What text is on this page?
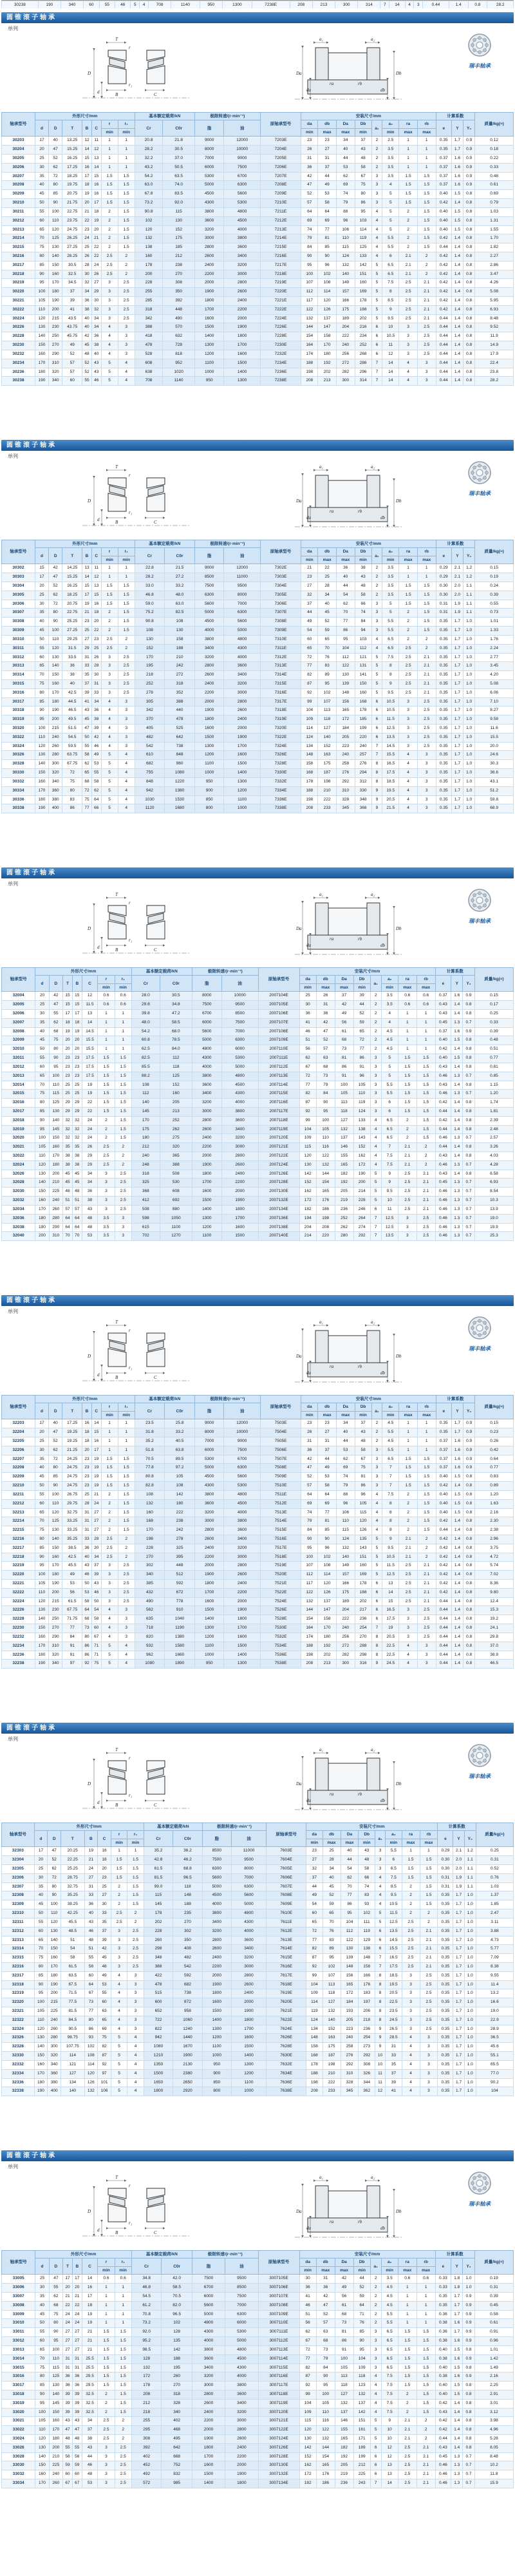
30238	190	340	60	55	46	5	4	708	1140	950	1300	7238E	208	213	300	314	7	14	4	3	0.44	1.4	0.8	28.2
圆锥滚子轴承
单列
T
D
d	B	C
r
r₁
a₁	a₂
Da
da
Db
db
ra	rb
瑞丰轴承
轴承型号	外形尺寸/mm							基本额定载荷/kN		极限转速/(r·min⁻¹)		原轴承型号	安装尺寸/mm								计算系数			质量/kg(≈)
	d	D	T	B	C	r	r₁	Cr	C0r	脂	油		da	db	Da	Db	a₁	a₂	ra	rb	e	Y	Y₀	
						min	min						min	max	max	min		min	max	max				
30203	17	40	13.25	12	11	1	1	20.8	21.8	9000	12000	7203E	23	23	34	37	2	2.5	1	1	0.35	1.7	0.9	0.12
30204	20	47	15.25	14	12	1	1	28.2	30.5	8000	10000	7204E	26	27	40	43	2	3.5	1	1	0.35	1.7	0.9	0.18
30205	25	52	16.25	15	13	1	1	32.2	37.0	7000	9000	7205E	31	31	44	48	2	3.5	1	1	0.37	1.6	0.9	0.22
30206	30	62	17.25	16	14	1	1	43.2	50.5	6000	7500	7206E	36	37	53	58	2	3.5	1	1	0.37	1.6	0.9	0.33
30207	35	72	18.25	17	15	1.5	1.5	54.2	63.5	5300	6700	7207E	42	44	62	67	3	3.5	1.5	1.5	0.37	1.6	0.9	0.48
30208	40	80	19.75	18	16	1.5	1.5	63.0	74.0	5000	6300	7208E	47	49	69	75	3	4	1.5	1.5	0.37	1.6	0.9	0.61
30209	45	85	20.75	19	16	1.5	1.5	67.8	83.5	4500	5600	7209E	52	53	74	80	3	5	1.5	1.5	0.40	1.5	0.8	0.69
30210	50	90	21.75	20	17	1.5	1.5	73.2	92.0	4300	5300	7210E	57	58	79	86	3	5	1.5	1.5	0.42	1.4	0.8	0.79
30211	55	100	22.75	21	18	2	1.5	90.8	115	3800	4800	7211E	64	64	88	95	4	5	2	1.5	0.40	1.5	0.8	1.03
30212	60	110	23.75	22	19	2	1.5	102	130	3600	4500	7212E	69	69	96	103	4	5	2	1.5	0.40	1.5	0.8	1.31
30213	65	120	24.75	23	20	2	1.5	120	152	3200	4000	7213E	74	77	106	114	4	5	2	1.5	0.40	1.5	0.8	1.55
30214	70	125	26.25	24	21	2	1.5	132	175	3000	3800	7214E	79	81	110	119	4	5.5	2	1.5	0.42	1.4	0.8	1.70
30215	75	130	27.25	25	22	2	1.5	138	185	2800	3600	7215E	84	85	115	125	4	5.5	2	1.5	0.44	1.4	0.8	1.82
30216	80	140	28.25	26	22	2.5	2	160	212	2600	3400	7216E	90	90	124	133	4	6	2.1	2	0.42	1.4	0.8	2.27
30217	85	150	30.5	28	24	2.5	2	178	238	2400	3200	7217E	95	96	132	142	5	6.5	2.1	2	0.42	1.4	0.8	2.86
30218	90	160	32.5	30	26	2.5	2	200	270	2200	3000	7218E	100	102	140	151	5	6.5	2.1	2	0.42	1.4	0.8	3.47
30219	95	170	34.5	32	27	3	2.5	228	308	2000	2800	7219E	107	108	149	160	5	7.5	2.5	2.1	0.42	1.4	0.8	4.26
30220	100	180	37	34	29	3	2.5	255	350	1900	2600	7220E	112	114	157	169	5	8	2.5	2.1	0.42	1.4	0.8	5.08
30221	105	190	39	36	30	3	2.5	285	392	1800	2400	7221E	117	120	166	178	5	8.5	2.5	2.1	0.42	1.4	0.8	5.95
30222	110	200	41	38	32	3	2.5	318	448	1700	2200	7222E	122	126	175	188	5	9	2.5	2.1	0.42	1.4	0.8	6.93
30224	120	215	43.5	40	34	3	2.5	342	490	1600	2000	7224E	132	137	189	202	5	9.5	2.5	2.1	0.44	1.4	0.8	8.48
30226	130	230	43.75	40	34	4	3	388	570	1500	1900	7226E	144	147	204	216	6	10	3	2.5	0.44	1.4	0.8	9.52
30228	140	250	45.75	42	36	4	3	418	632	1400	1800	7228E	154	158	222	234	6	10.5	3	2.5	0.44	1.4	0.8	11.9
30230	150	270	49	45	38	4	3	478	728	1300	1700	7230E	164	170	240	252	6	11	3	2.5	0.44	1.4	0.8	14.9
30232	160	290	52	48	40	4	3	528	818	1200	1600	7232E	174	180	256	268	6	12	3	2.5	0.44	1.4	0.8	17.9
30234	170	310	57	52	43	5	4	608	952	1100	1500	7234E	188	192	272	286	7	14	4	3	0.44	1.4	0.8	22.4
30236	180	320	57	52	43	5	4	638	1020	1000	1400	7236E	198	202	282	296	7	14	4	3	0.44	1.4	0.8	23.8
30238	190	340	60	55	46	5	4	708	1140	950	1300	7238E	208	213	300	314	7	14	4	3	0.44	1.4	0.8	28.2
圆锥滚子轴承
单列
T
D
d	B	C
r
r₁
a₁	a₂
Da
da
Db
db
ra	rb
瑞丰轴承
轴承型号	外形尺寸/mm							基本额定载荷/kN		极限转速/(r·min⁻¹)		原轴承型号	安装尺寸/mm								计算系数			质量/kg(≈)
	d	D	T	B	C	r	r₁	Cr	C0r	脂	油		da	db	Da	Db	a₁	a₂	ra	rb	e	Y	Y₀	
						min	min						min	max	max	min		min	max	max				
30302	15	42	14.25	13	11	1	1	22.8	21.5	9000	12000	7302E	21	22	36	38	2	3.5	1	1	0.29	2.1	1.2	0.15
30303	17	47	15.25	14	12	1	1	28.2	27.2	8500	11000	7303E	23	25	40	43	2	3.5	1	1	0.29	2.1	1.2	0.19
30304	20	52	16.25	15	13	1.5	1.5	33.0	33.2	7500	9500	7304E	27	28	44	48	2	3.5	1.5	1.5	0.30	2.0	1.1	0.24
30305	25	62	18.25	17	15	1.5	1.5	46.8	48.0	6300	8000	7305E	32	34	54	58	2	3.5	1.5	1.5	0.30	2.0	1.1	0.39
30306	30	72	20.75	19	16	1.5	1.5	59.0	63.0	5600	7000	7306E	37	40	62	66	3	5	1.5	1.5	0.31	1.9	1.1	0.55
30307	35	80	22.75	21	18	2	1.5	75.2	82.5	5000	6300	7307E	44	45	70	74	3	5	2	1.5	0.31	1.9	1.1	0.73
30308	40	90	25.25	23	20	2	1.5	90.8	108	4500	5600	7308E	49	52	77	84	3	5.5	2	1.5	0.35	1.7	1.0	1.01
30309	45	100	27.25	25	22	2	1.5	108	130	4000	5000	7309E	54	59	86	94	3	5.5	2	1.5	0.35	1.7	1.0	1.33
30310	50	110	29.25	27	23	2.5	2	130	158	3800	4800	7310E	60	65	95	103	4	6.5	2	2	0.35	1.7	1.0	1.76
30311	55	120	31.5	29	25	2.5	2	152	188	3400	4300	7311E	65	70	104	112	4	6.5	2.5	2	0.35	1.7	1.0	2.24
30312	60	130	33.5	31	26	3	2.5	170	210	3200	4000	7312E	72	76	112	121	5	7.5	2.5	2.1	0.35	1.7	1.0	2.77
30313	65	140	36	33	28	3	2.5	195	242	2800	3600	7313E	77	83	122	131	5	8	2.5	2.1	0.35	1.7	1.0	3.45
30314	70	150	38	35	30	3	2.5	218	272	2600	3400	7314E	82	89	130	141	5	8	2.5	2.1	0.35	1.7	1.0	4.20
30315	75	160	40	37	31	3	2.5	252	318	2400	3200	7315E	87	95	139	150	5	9	2.5	2.1	0.35	1.7	1.0	5.08
30316	80	170	42.5	39	33	3	2.5	278	352	2200	3000	7316E	92	102	148	160	5	9.5	2.5	2.1	0.35	1.7	1.0	6.06
30317	85	180	44.5	41	34	4	3	305	388	2000	2800	7317E	99	107	156	168	6	10.5	3	2.5	0.35	1.7	1.0	7.10
30318	90	190	46.5	43	36	4	3	342	440	1900	2600	7318E	104	113	165	178	6	10.5	3	2.5	0.35	1.7	1.0	8.27
30319	95	200	49.5	45	38	4	3	370	478	1800	2400	7319E	109	118	172	185	6	11.5	3	2.5	0.35	1.7	1.0	9.58
30320	100	215	51.5	47	39	4	3	405	525	1600	2000	7320E	114	127	184	199	6	12.5	3	2.5	0.35	1.7	1.0	11.6
30322	110	240	54.5	50	42	4	3	482	642	1500	1900	7322E	124	140	205	220	6	13.5	3	2.5	0.35	1.7	1.0	15.5
30324	120	260	59.5	55	46	4	3	542	738	1300	1700	7324E	134	152	223	240	7	14.5	3	2.5	0.35	1.7	1.0	20.0
30326	130	280	63.75	58	49	5	4	610	848	1200	1600	7326E	148	163	240	257	7	15.5	4	3	0.35	1.7	1.0	24.6
30328	140	300	67.75	62	53	5	4	682	960	1100	1500	7328E	158	175	258	276	8	16.5	4	3	0.35	1.7	1.0	30.3
30330	150	320	72	65	55	5	4	755	1080	1000	1400	7330E	168	187	276	294	8	17.5	4	3	0.35	1.7	1.0	36.6
30332	160	340	75	68	58	5	4	848	1220	950	1300	7332E	178	198	292	312	8	18.5	4	3	0.35	1.7	1.0	43.1
30334	170	360	80	72	62	5	4	942	1380	900	1200	7334E	188	210	310	330	9	19.5	4	3	0.35	1.7	1.0	51.2
30336	180	380	83	75	64	5	4	1030	1530	850	1100	7336E	198	222	328	348	9	20.5	4	3	0.35	1.7	1.0	59.8
30338	190	400	86	77	66	5	4	1120	1680	800	1000	7338E	208	233	345	366	9	21.5	4	3	0.35	1.7	1.0	68.9
圆锥滚子轴承
单列
T
D
d	B	C
r
r₁
a₁	a₂
Da
da
Db
db
ra	rb
瑞丰轴承
轴承型号	外形尺寸/mm							基本额定载荷/kN		极限转速/(r·min⁻¹)		原轴承型号	安装尺寸/mm								计算系数			质量/kg(≈)
	d	D	T	B	C	r	r₁	Cr	C0r	脂	油		da	db	Da	Db	a₁	a₂	ra	rb	e	Y	Y₀	
						min	min						min	max	max	min		min	max	max				
32004	20	42	15	15	12	0.6	0.6	28.0	30.5	8000	10000	2007104E	25	26	37	39	2	3.5	0.6	0.6	0.37	1.6	0.9	0.15
32005	25	47	15	15	11.5	0.6	0.6	29.8	34.8	7500	9500	2007105E	30	31	42	44	2	3.5	0.6	0.6	0.43	1.4	0.8	0.17
32006	30	55	17	17	13	1	1	39.8	47.2	6700	8500	2007106E	36	36	49	52	2	4	1	1	0.43	1.4	0.8	0.25
32007	35	62	18	18	14	1	1	48.0	58.5	6000	7500	2007107E	41	42	56	59	2	4	1	1	0.45	1.3	0.7	0.33
32008	40	68	19	19	14.5	1	1	54.2	68.0	5600	7000	2007108E	46	47	61	65	2	4.5	1	1	0.37	1.6	0.9	0.39
32009	45	75	20	20	15.5	1	1	60.8	78.5	5000	6300	2007109E	51	52	68	72	2	4.5	1	1	0.40	1.5	0.8	0.48
32010	50	80	20	20	15.5	1	1	62.5	84.0	4800	6000	2007110E	56	57	73	77	2	4.5	1	1	0.42	1.4	0.8	0.51
32011	55	90	23	23	17.5	1.5	1.5	82.5	112	4300	5300	2007111E	62	63	81	86	3	5	1.5	1.5	0.40	1.5	0.8	0.77
32012	60	95	23	23	17.5	1.5	1.5	85.5	118	4000	5000	2007112E	67	68	86	91	3	5	1.5	1.5	0.43	1.4	0.8	0.81
32013	65	100	23	23	17.5	1.5	1.5	88.2	125	3800	4800	2007113E	72	73	91	96	3	5	1.5	1.5	0.46	1.3	0.7	0.85
32014	70	110	25	25	19	1.5	1.5	108	152	3600	4500	2007114E	77	79	100	105	3	5.5	1.5	1.5	0.43	1.4	0.8	1.15
32015	75	115	25	25	19	1.5	1.5	112	160	3400	4300	2007115E	82	84	105	110	3	5.5	1.5	1.5	0.46	1.3	0.7	1.20
32016	80	125	29	29	22	1.5	1.5	140	205	3200	4000	2007116E	87	90	113	119	3	6	1.5	1.5	0.42	1.4	0.8	1.74
32017	85	130	29	29	22	1.5	1.5	145	213	3000	3800	2007117E	92	95	118	124	3	6	1.5	1.5	0.44	1.4	0.8	1.81
32018	90	140	32	32	24	2	1.5	170	252	2800	3600	2007118E	99	100	127	133	4	6.5	2	1.5	0.42	1.4	0.8	2.39
32019	95	145	32	32	24	2	1.5	175	262	2600	3400	2007119E	104	105	132	138	4	6.5	2	1.5	0.44	1.4	0.8	2.48
32020	100	150	32	32	24	2	1.5	180	275	2400	3200	2007120E	109	110	137	143	4	6.5	2	1.5	0.46	1.3	0.7	2.57
32021	105	160	35	35	26	2.5	2	212	320	2200	3000	2007121E	115	116	146	152	4	7	2.1	2	0.44	1.4	0.8	3.26
32022	110	170	38	38	29	2.5	2	240	365	2000	2800	2007122E	120	122	155	162	4	7.5	2.1	2	0.43	1.4	0.8	4.03
32024	120	180	38	38	29	2.5	2	248	388	1900	2600	2007124E	130	132	165	172	4	7.5	2.1	2	0.46	1.3	0.7	4.28
32026	130	200	45	45	34	3	2.5	318	508	1800	2400	2007126E	142	144	182	190	5	9	2.5	2.1	0.43	1.4	0.8	6.58
32028	140	210	45	45	34	3	2.5	325	530	1700	2200	2007128E	152	154	192	200	5	9	2.5	2.1	0.45	1.3	0.7	6.93
32030	150	225	48	48	36	3	2.5	368	608	1600	2000	2007130E	162	165	205	214	5	9.5	2.5	2.1	0.46	1.3	0.7	8.54
32032	160	240	51	51	38	3	2.5	412	692	1500	1900	2007132E	172	176	219	228	5	10	2.5	2.1	0.46	1.3	0.7	10.3
32034	170	260	57	57	43	3	2.5	508	880	1400	1800	2007134E	182	186	236	246	6	11	2.5	2.1	0.46	1.3	0.7	13.9
32036	180	280	64	64	48	3.5	3	598	1050	1300	1700	2007136E	194	198	252	264	7	12.5	3	2.5	0.46	1.3	0.7	19.0
32038	190	290	64	64	48	3.5	3	615	1100	1200	1600	2007138E	204	208	262	274	7	12.5	3	2.5	0.46	1.3	0.7	19.9
32040	200	310	70	70	53	3.5	3	702	1270	1100	1500	2007140E	214	220	280	292	7	13.5	3	2.5	0.46	1.3	0.7	25.3
圆锥滚子轴承
单列
T
D
d	B	C
r
r₁
a₁	a₂
Da
da
Db
db
ra	rb
瑞丰轴承
轴承型号	外形尺寸/mm							基本额定载荷/kN		极限转速/(r·min⁻¹)		原轴承型号	安装尺寸/mm								计算系数			质量/kg(≈)
	d	D	T	B	C	r	r₁	Cr	C0r	脂	油		da	db	Da	Db	a₁	a₂	ra	rb	e	Y	Y₀	
						min	min						min	max	max	min		min	max	max				
32203	17	40	17.25	16	14	1	1	23.5	25.8	9000	12000	7503E	23	23	34	37	2	4.5	1	1	0.35	1.7	0.9	0.15
32204	20	47	19.25	18	15	1	1	31.8	33.2	8000	10000	7504E	26	27	40	43	2	5.5	1	1	0.35	1.7	0.9	0.23
32205	25	52	19.25	18	16	1	1	35.2	40.5	7000	9000	7505E	31	31	44	48	2	4.5	1	1	0.37	1.6	0.9	0.26
32206	30	62	21.25	20	17	1	1	51.8	63.8	6000	7500	7506E	36	37	53	58	3	5.5	1	1	0.37	1.6	0.9	0.42
32207	35	72	24.25	23	19	1.5	1.5	70.5	89.5	5300	6700	7507E	42	44	62	67	3	6.5	1.5	1.5	0.37	1.6	0.9	0.64
32208	40	80	24.75	23	19	1.5	1.5	77.8	97.2	5000	6300	7508E	47	49	69	75	3	7	1.5	1.5	0.37	1.6	0.9	0.77
32209	45	85	24.75	23	19	1.5	1.5	80.8	105	4500	5600	7509E	52	53	74	81	3	7	1.5	1.5	0.40	1.5	0.8	0.83
32210	50	90	24.75	23	19	1.5	1.5	82.8	108	4300	5300	7510E	57	58	79	86	3	7	1.5	1.5	0.42	1.4	0.8	0.89
32211	55	100	26.75	25	21	2	1.5	108	142	3800	4800	7511E	64	64	88	96	4	7.5	2	1.5	0.40	1.5	0.8	1.20
32212	60	110	29.75	28	24	2	1.5	132	180	3600	4500	7512E	69	69	96	105	4	8	2	1.5	0.40	1.5	0.8	1.63
32213	65	120	32.75	31	27	2	1.5	160	222	3200	4000	7513E	74	77	106	115	4	8	2	1.5	0.40	1.5	0.8	2.16
32214	70	125	33.25	31	27	2	1.5	168	238	3000	3800	7514E	79	81	110	120	4	8	2	1.5	0.42	1.4	0.8	2.30
32215	75	130	33.25	31	27	2	1.5	170	242	2800	3600	7515E	84	85	115	126	4	8	2	1.5	0.44	1.4	0.8	2.38
32216	80	140	35.25	33	28	2.5	2	198	278	2600	3400	7516E	90	90	124	135	5	9	2.1	2	0.42	1.4	0.8	2.96
32217	85	150	38.5	36	30	2.5	2	228	325	2400	3200	7517E	95	96	132	143	5	9.5	2.1	2	0.42	1.4	0.8	3.75
32218	90	160	42.5	40	34	2.5	2	270	395	2200	3000	7518E	100	102	140	151	5	10.5	2.1	2	0.42	1.4	0.8	4.72
32219	95	170	45.5	43	37	3	2.5	302	448	2000	2800	7519E	107	108	149	160	5	11.5	2.5	2.1	0.42	1.4	0.8	5.74
32220	100	180	49	46	39	3	2.5	340	512	1900	2600	7520E	112	114	157	169	5	12.5	2.5	2.1	0.42	1.4	0.8	7.02
32221	105	190	53	50	43	3	2.5	385	592	1800	2400	7521E	117	120	166	178	6	13	2.5	2.1	0.42	1.4	0.8	8.36
32222	110	200	56	53	46	3	2.5	432	672	1700	2200	7522E	122	126	175	188	6	14	2.5	2.1	0.42	1.4	0.8	9.80
32224	120	215	61.5	58	50	3	2.5	490	778	1600	2000	7524E	132	137	189	202	6	15	2.5	2.1	0.44	1.4	0.8	12.4
32226	130	230	67.75	64	54	4	3	562	910	1500	1900	7526E	144	147	204	217	6	16.5	3	2.5	0.44	1.4	0.8	15.3
32228	140	250	71.75	68	58	4	3	635	1040	1400	1800	7528E	154	158	222	236	6	17.5	3	2.5	0.44	1.4	0.8	19.2
32230	150	270	77	73	60	4	3	718	1190	1300	1700	7530E	164	170	240	254	7	19	3	2.5	0.44	1.4	0.8	24.1
32232	160	290	84	80	67	4	3	820	1380	1200	1600	7532E	174	180	256	270	8	20.5	3	2.5	0.44	1.4	0.8	29.8
32234	170	310	91	86	71	5	4	932	1580	1100	1500	7534E	188	192	272	288	8	22.5	4	3	0.44	1.4	0.8	37.0
32236	180	320	91	86	71	5	4	962	1660	1000	1400	7536E	198	202	282	298	8	22.5	4	3	0.44	1.4	0.8	38.9
32238	190	340	97	92	75	5	4	1080	1890	950	1300	7538E	208	213	300	316	9	24.5	4	3	0.44	1.4	0.8	46.5
圆锥滚子轴承
单列
T
D
d	B	C
r
r₁
a₁	a₂
Da
da
Db
db
ra	rb
瑞丰轴承
轴承型号	外形尺寸/mm							基本额定载荷/kN		极限转速/(r·min⁻¹)		原轴承型号	安装尺寸/mm								计算系数			质量/kg(≈)
	d	D	T	B	C	r	r₁	Cr	C0r	脂	油		da	db	Da	Db	a₁	a₂	ra	rb	e	Y	Y₀	
						min	min						min	max	max	min		min	max	max				
32303	17	47	20.25	19	16	1	1	35.2	36.2	8500	11000	7603E	23	25	40	43	3	5.5	1	1	0.29	2.1	1.2	0.25
32304	20	52	22.25	21	18	1.5	1.5	42.8	46.2	7500	9500	7604E	27	28	44	48	3	6	1.5	1.5	0.30	2.0	1.1	0.31
32305	25	62	25.25	24	20	1.5	1.5	61.5	68.8	6300	8000	7605E	32	34	54	58	3	6.5	1.5	1.5	0.30	2.0	1.1	0.52
32306	30	72	28.75	27	23	1.5	1.5	81.5	96.5	5600	7000	7606E	37	40	62	66	4	7.5	1.5	1.5	0.31	1.9	1.1	0.76
32307	35	80	32.75	31	25	2	1.5	99.0	118	5000	6300	7607E	44	45	70	74	4	8.5	2	1.5	0.31	1.9	1.1	1.03
32308	40	90	35.25	33	27	2	1.5	115	148	4500	5600	7608E	49	52	77	83	4	9.5	2	1.5	0.35	1.7	1.0	1.37
32309	45	100	38.25	36	30	2	1.5	145	188	4000	5000	7609E	54	59	86	93	4	10.5	2	1.5	0.35	1.7	1.0	1.85
32310	50	110	42.25	40	33	2.5	2	178	235	3800	4800	7610E	60	65	95	102	5	11.5	2	2	0.35	1.7	1.0	2.47
32311	55	120	45.5	43	35	2.5	2	202	270	3400	4300	7611E	65	70	104	111	5	12.5	2.5	2	0.35	1.7	1.0	3.11
32312	60	130	48.5	46	37	3	2.5	228	302	3200	4000	7612E	72	76	112	119	6	13.5	2.5	2.1	0.35	1.7	1.0	3.88
32313	65	140	51	48	39	3	2.5	260	350	2800	3600	7613E	77	83	122	129	6	14.5	2.5	2.1	0.35	1.7	1.0	4.73
32314	70	150	54	51	42	3	2.5	298	408	2600	3400	7614E	82	89	130	138	6	15.5	2.5	2.1	0.35	1.7	1.0	5.77
32315	75	160	58	55	45	3	2.5	348	482	2400	3200	7615E	87	95	139	148	7	16.5	2.5	2.1	0.35	1.7	1.0	7.09
32316	80	170	61.5	58	48	3	2.5	388	542	2200	3000	7616E	92	102	148	158	7	17.5	2.5	2.1	0.35	1.7	1.0	8.38
32317	85	180	63.5	60	49	4	3	422	592	2000	2800	7617E	99	107	156	166	8	18.5	3	2.5	0.35	1.7	1.0	9.55
32318	90	190	67.5	64	53	4	3	478	682	1900	2600	7618E	104	113	165	176	8	19.5	3	2.5	0.35	1.7	1.0	11.4
32319	95	200	71.5	67	55	4	3	515	738	1800	2400	7619E	109	118	172	183	8	20.5	3	2.5	0.35	1.7	1.0	13.2
32320	100	215	77.5	73	60	4	3	600	872	1600	2000	7620E	114	127	184	197	8	22.5	3	2.5	0.35	1.7	1.0	16.6
32321	105	225	81.5	77	63	4	3	652	958	1500	1900	7621E	119	132	193	206	8	23.5	3	2.5	0.35	1.7	1.0	19.0
32322	110	240	84.5	80	65	4	3	722	1060	1400	1800	7622E	124	140	205	218	8	24.5	3	2.5	0.35	1.7	1.0	22.9
32324	120	260	90.5	86	69	4	3	822	1240	1300	1700	7624E	134	152	223	236	9	26.5	3	2.5	0.35	1.7	1.0	28.9
32326	130	280	98.75	93	75	5	4	942	1440	1200	1600	7626E	148	163	240	254	9	28.5	4	3	0.35	1.7	1.0	36.5
32328	140	300	107.75	102	82	5	4	1080	1670	1100	1500	7628E	158	175	258	273	9	31	4	3	0.35	1.7	1.0	45.6
32330	150	320	114	108	87	5	4	1210	1900	1000	1400	7630E	168	187	276	292	10	33	4	3	0.35	1.7	1.0	55.1
32332	160	340	121	114	92	5	4	1350	2130	950	1300	7632E	178	198	292	308	10	35	4	3	0.35	1.7	1.0	65.5
32334	170	360	127	120	97	5	4	1500	2380	900	1200	7634E	188	210	310	326	11	37	4	3	0.35	1.7	1.0	77.0
32336	180	380	134	126	101	5	4	1650	2650	850	1100	7636E	198	222	328	344	11	39	4	3	0.35	1.7	1.0	90.2
32338	190	400	140	132	106	5	4	1800	2920	800	1000	7638E	208	233	345	362	12	41	4	3	0.35	1.7	1.0	104
圆锥滚子轴承
单列
T
D
d	B	C
r
r₁
a₁	a₂
Da
da
Db
db
ra	rb
瑞丰轴承
轴承型号	外形尺寸/mm							基本额定载荷/kN		极限转速/(r·min⁻¹)		原轴承型号	安装尺寸/mm								计算系数			质量/kg(≈)
	d	D	T	B	C	r	r₁	Cr	C0r	脂	油		da	db	Da	Db	a₁	a₂	ra	rb	e	Y	Y₀	
						min	min						min	max	max	min		min	max	max				
33005	25	47	17	17	14	0.6	0.6	34.8	42.0	7500	9500	3007105E	30	31	42	44	2	3.5	0.6	0.6	0.33	1.8	1.0	0.19
33006	30	55	20	20	16	1	1	46.8	58.5	6700	8500	3007106E	36	36	49	52	2	4.5	1	1	0.33	1.8	1.0	0.31
33007	35	62	21	21	17	1	1	54.5	70.5	6000	7500	3007107E	41	42	56	59	2	4.5	1	1	0.35	1.7	0.9	0.39
33008	40	68	22	22	18	1	1	61.2	82.0	5600	7000	3007108E	46	47	61	64	2	4.5	1	1	0.35	1.7	0.9	0.45
33009	45	75	24	24	19	1	1	70.8	96.5	5000	6300	3007109E	51	52	68	71	2	5.5	1	1	0.36	1.7	0.9	0.58
33010	50	80	24	24	19	1	1	73.2	102	4800	6000	3007110E	56	57	73	76	2	5.5	1	1	0.38	1.6	0.9	0.61
33011	55	90	27	27	21	1.5	1.5	92.0	128	4300	5300	3007111E	62	63	81	85	3	6.5	1.5	1.5	0.36	1.7	0.9	0.91
33012	60	95	27	27	21	1.5	1.5	95.2	135	4000	5000	3007112E	67	68	86	90	3	6.5	1.5	1.5	0.38	1.6	0.9	0.96
33013	65	100	27	27	21	1.5	1.5	98.5	142	3800	4800	3007113E	72	73	91	95	3	6.5	1.5	1.5	0.40	1.5	0.8	1.01
33014	70	110	31	31	25.5	1.5	1.5	128	188	3600	4500	3007114E	77	79	100	104	3	6.5	1.5	1.5	0.38	1.6	0.9	1.42
33015	75	115	31	31	25.5	1.5	1.5	132	195	3400	4300	3007115E	82	84	105	109	3	6.5	1.5	1.5	0.40	1.5	0.8	1.49
33016	80	125	36	36	29.5	1.5	1.5	172	260	3200	4000	3007116E	87	90	113	118	4	7.5	1.5	1.5	0.38	1.6	0.9	2.16
33017	85	130	36	36	29.5	1.5	1.5	178	270	3000	3800	3007117E	92	95	118	123	4	7.5	1.5	1.5	0.40	1.5	0.8	2.25
33018	90	140	39	39	32.5	2	1.5	208	318	2800	3600	3007118E	99	100	127	132	4	7.5	2	1.5	0.40	1.5	0.8	2.91
33019	95	145	39	39	32.5	2	1.5	212	328	2600	3400	3007119E	104	105	132	137	4	7.5	2	1.5	0.42	1.4	0.8	3.01
33020	100	150	39	39	32.5	2	1.5	218	340	2400	3200	3007120E	109	110	137	142	4	7.5	2	1.5	0.43	1.4	0.8	3.12
33021	105	160	43	43	34	2.5	2	255	402	2200	3000	3007121E	115	116	146	151	5	9	2.1	2	0.42	1.4	0.8	3.98
33022	110	170	47	47	37	2.5	2	295	468	2000	2800	3007122E	120	122	155	161	5	10	2.1	2	0.42	1.4	0.8	4.96
33024	120	180	48	48	38	2.5	2	308	495	1900	2600	3007124E	130	132	165	171	5	10	2.1	2	0.44	1.4	0.8	5.28
33026	130	200	55	55	43	3	2.5	392	642	1800	2400	3007126E	142	144	182	189	6	12	2.5	2.1	0.43	1.4	0.8	8.05
33028	140	210	56	56	44	3	2.5	402	668	1700	2200	3007128E	152	154	192	199	6	12	2.5	2.1	0.45	1.3	0.7	8.48
33030	150	225	59	59	46	3	2.5	452	752	1600	2000	3007130E	162	165	205	212	6	13	2.5	2.1	0.46	1.3	0.7	10.2
33032	160	240	60	60	48	3	2.5	492	832	1500	1900	3007132E	172	176	219	225	6	13	2.5	2.1	0.46	1.3	0.7	11.8
33034	170	260	67	67	53	3	2.5	572	985	1400	1800	3007134E	182	186	236	243	7	14	2.5	2.1	0.46	1.3	0.7	15.9
